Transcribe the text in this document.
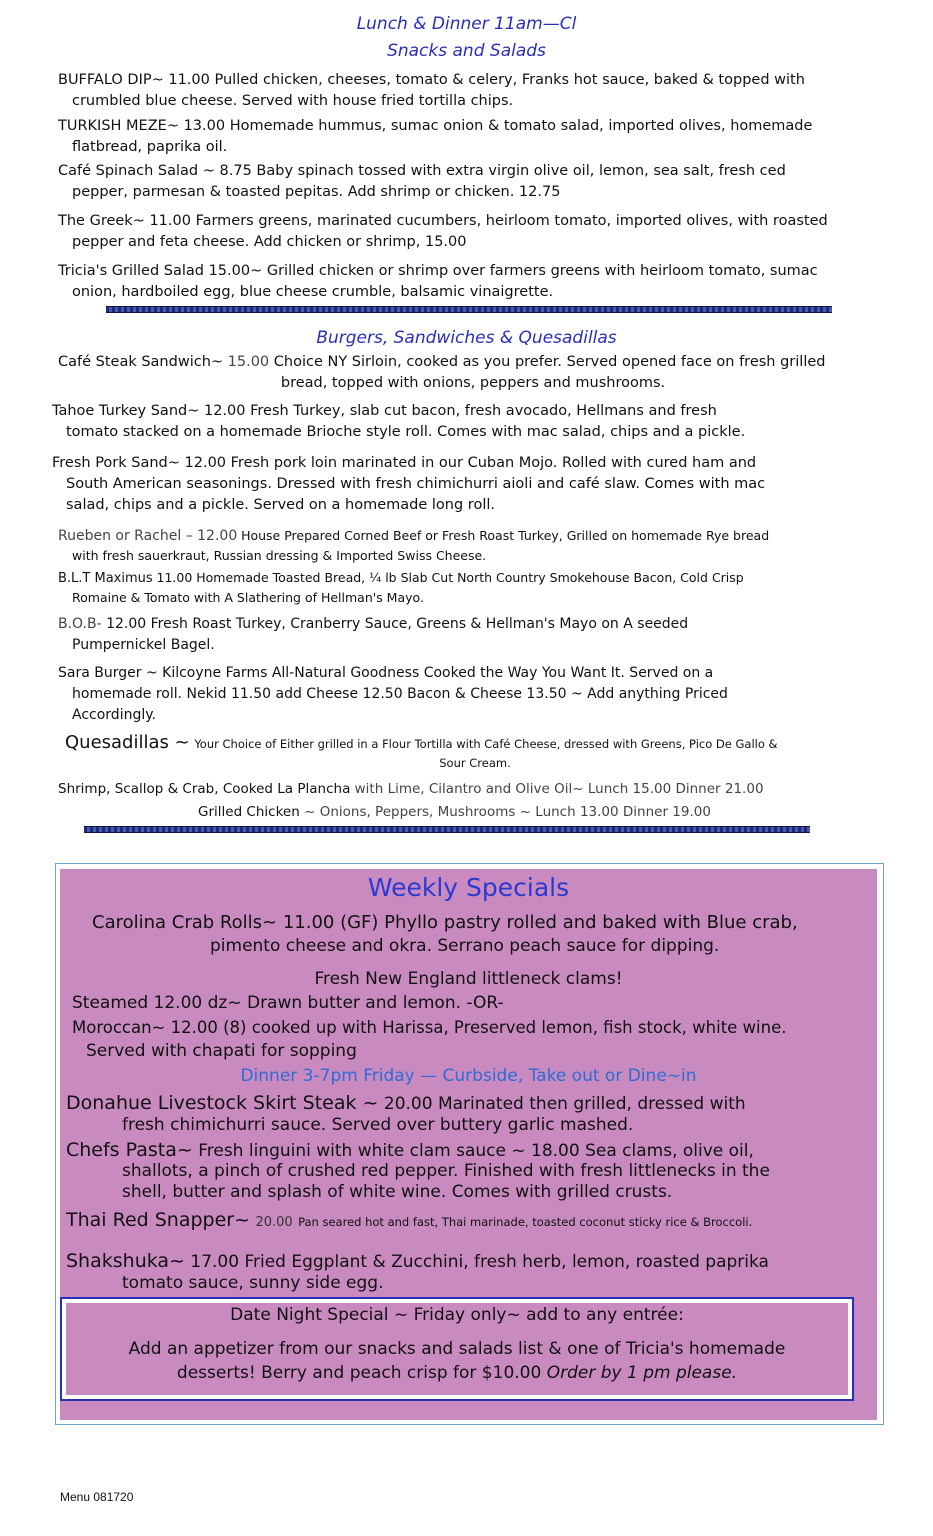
Lunch & Dinner 11am—Cl
Snacks and Salads
BUFFALO DIP~ 11.00 Pulled chicken, cheeses, tomato & celery, Franks hot sauce, baked & topped with
crumbled blue cheese. Served with house fried tortilla chips.
TURKISH MEZE~ 13.00 Homemade hummus, sumac onion & tomato salad, imported olives, homemade
flatbread, paprika oil.
Café Spinach Salad ~ 8.75 Baby spinach tossed with extra virgin olive oil, lemon, sea salt, fresh ced
pepper, parmesan & toasted pepitas. Add shrimp or chicken. 12.75
The Greek~ 11.00 Farmers greens, marinated cucumbers, heirloom tomato, imported olives, with roasted
pepper and feta cheese. Add chicken or shrimp, 15.00
Tricia's Grilled Salad 15.00~ Grilled chicken or shrimp over farmers greens with heirloom tomato, sumac
onion, hardboiled egg, blue cheese crumble, balsamic vinaigrette.
Burgers, Sandwiches & Quesadillas
Café Steak Sandwich~ 15.00 Choice NY Sirloin, cooked as you prefer. Served opened face on fresh grilled
bread, topped with onions, peppers and mushrooms.
Tahoe Turkey Sand~ 12.00 Fresh Turkey, slab cut bacon, fresh avocado, Hellmans and fresh
tomato stacked on a homemade Brioche style roll. Comes with mac salad, chips and a pickle.
Fresh Pork Sand~ 12.00 Fresh pork loin marinated in our Cuban Mojo. Rolled with cured ham and
South American seasonings. Dressed with fresh chimichurri aioli and café slaw. Comes with mac
salad, chips and a pickle. Served on a homemade long roll.
Rueben or Rachel – 12.00 House Prepared Corned Beef or Fresh Roast Turkey, Grilled on homemade Rye bread
with fresh sauerkraut, Russian dressing & Imported Swiss Cheese.
B.L.T Maximus 11.00 Homemade Toasted Bread, ¼ lb Slab Cut North Country Smokehouse Bacon, Cold Crisp
Romaine & Tomato with A Slathering of Hellman's Mayo.
B.O.B- 12.00 Fresh Roast Turkey, Cranberry Sauce, Greens & Hellman's Mayo on A seeded
Pumpernickel Bagel.
Sara Burger ~ Kilcoyne Farms All-Natural Goodness Cooked the Way You Want It. Served on a
homemade roll. Nekid 11.50 add Cheese 12.50 Bacon & Cheese 13.50 ~ Add anything Priced
Accordingly.
Quesadillas ~ Your Choice of Either grilled in a Flour Tortilla with Café Cheese, dressed with Greens, Pico De Gallo &
Sour Cream.
Shrimp, Scallop & Crab, Cooked La Plancha with Lime, Cilantro and Olive Oil~ Lunch 15.00 Dinner 21.00
Grilled Chicken ~ Onions, Peppers, Mushrooms ~ Lunch 13.00 Dinner 19.00
Weekly Specials
Carolina Crab Rolls~ 11.00 (GF) Phyllo pastry rolled and baked with Blue crab,
pimento cheese and okra. Serrano peach sauce for dipping.
Fresh New England littleneck clams!
Steamed 12.00 dz~ Drawn butter and lemon. -OR-
Moroccan~ 12.00 (8) cooked up with Harissa, Preserved lemon, fish stock, white wine.
Served with chapati for sopping
Dinner 3-7pm Friday — Curbside, Take out or Dine~in
Donahue Livestock Skirt Steak ~ 20.00 Marinated then grilled, dressed with
fresh chimichurri sauce. Served over buttery garlic mashed.
Chefs Pasta~ Fresh linguini with white clam sauce ~ 18.00 Sea clams, olive oil,
shallots, a pinch of crushed red pepper. Finished with fresh littlenecks in the
shell, butter and splash of white wine. Comes with grilled crusts.
Thai Red Snapper~ 20.00 Pan seared hot and fast, Thai marinade, toasted coconut sticky rice & Broccoli.
Shakshuka~ 17.00 Fried Eggplant & Zucchini, fresh herb, lemon, roasted paprika
tomato sauce, sunny side egg.
Date Night Special ~ Friday only~ add to any entrée:
Add an appetizer from our snacks and salads list & one of Tricia's homemade
desserts! Berry and peach crisp for $10.00 Order by 1 pm please.
Menu 081720
